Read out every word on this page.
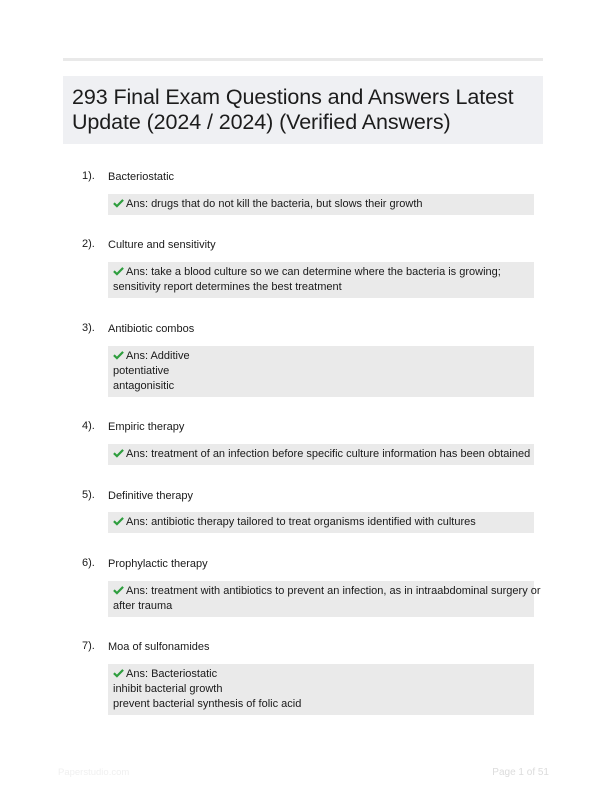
293 Final Exam Questions and Answers Latest
Update (2024 / 2024) (Verified Answers)
1). Bacteriostatic
Ans: drugs that do not kill the bacteria, but slows their growth
2). Culture and sensitivity
Ans: take a blood culture so we can determine where the bacteria is growing;
sensitivity report determines the best treatment
3). Antibiotic combos
Ans: Additive
potentiative
antagonisitic
4). Empiric therapy
Ans: treatment of an infection before specific culture information has been obtained
5). Definitive therapy
Ans: antibiotic therapy tailored to treat organisms identified with cultures
6). Prophylactic therapy
Ans: treatment with antibiotics to prevent an infection, as in intraabdominal surgery or
after trauma
7). Moa of sulfonamides
Ans: Bacteriostatic
inhibit bacterial growth
prevent bacterial synthesis of folic acid
Paperstudio.com	Page 1 of 51
